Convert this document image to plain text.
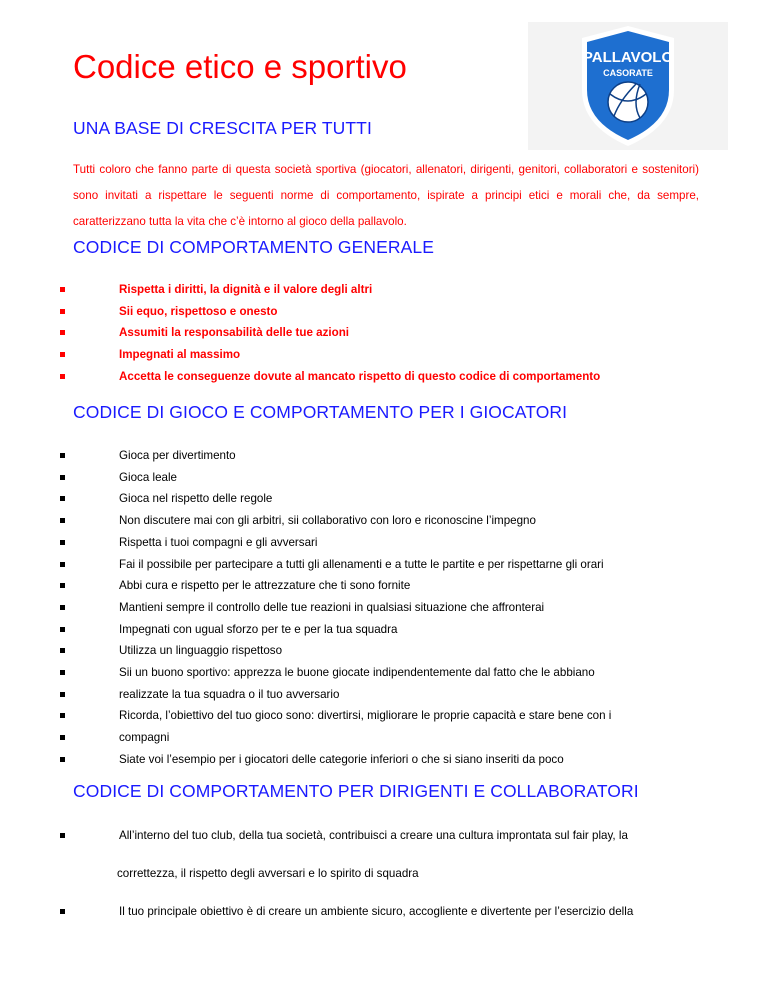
Codice etico e sportivo	PALLAVOLO
CASORATE
UNA BASE DI CRESCITA PER TUTTI

Tutti coloro che fanno parte di questa società sportiva (giocatori, allenatori, dirigenti, genitori, collaboratori e sostenitori) sono invitati a rispettare le seguenti norme di comportamento, ispirate a principi etici e morali che, da sempre, caratterizzano tutta la vita che c’è intorno al gioco della pallavolo.

CODICE DI COMPORTAMENTO GENERALE
Rispetta i diritti, la dignità e il valore degli altri
Sii equo, rispettoso e onesto
Assumiti la responsabilità delle tue azioni
Impegnati al massimo
Accetta le conseguenze dovute al mancato rispetto di questo codice di comportamento
CODICE DI GIOCO E COMPORTAMENTO PER I GIOCATORI
Gioca per divertimento
Gioca leale
Gioca nel rispetto delle regole
Non discutere mai con gli arbitri, sii collaborativo con loro e riconoscine l’impegno
Rispetta i tuoi compagni e gli avversari
Fai il possibile per partecipare a tutti gli allenamenti e a tutte le partite e per rispettarne gli orari
Abbi cura e rispetto per le attrezzature che ti sono fornite
Mantieni sempre il controllo delle tue reazioni in qualsiasi situazione che affronterai
Impegnati con ugual sforzo per te e per la tua squadra
Utilizza un linguaggio rispettoso
Sii un buono sportivo: apprezza le buone giocate indipendentemente dal fatto che le abbiano
realizzate la tua squadra o il tuo avversario
Ricorda, l’obiettivo del tuo gioco sono: divertirsi, migliorare le proprie capacità e stare bene con i
compagni
Siate voi l’esempio per i giocatori delle categorie inferiori o che si siano inseriti da poco
CODICE DI COMPORTAMENTO PER DIRIGENTI E COLLABORATORI
All’interno del tuo club, della tua società, contribuisci a creare una cultura improntata sul fair play, la
correttezza, il rispetto degli avversari e lo spirito di squadra
Il tuo principale obiettivo è di creare un ambiente sicuro, accogliente e divertente per l’esercizio della
